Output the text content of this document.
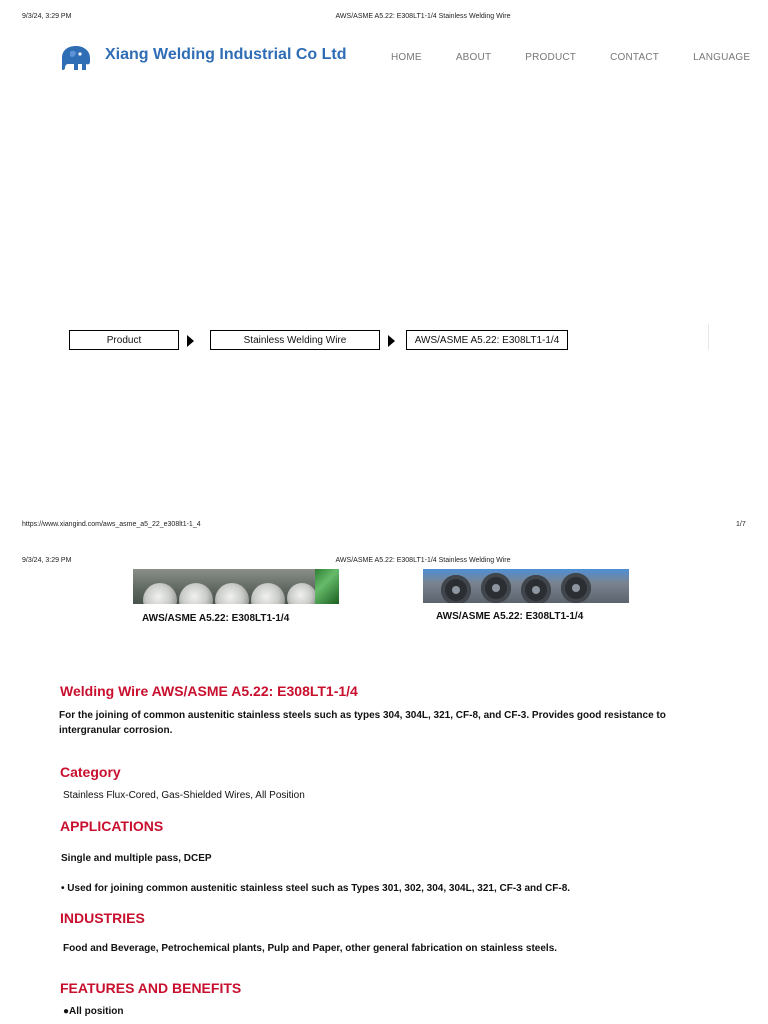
9/3/24, 3:29 PM	AWS/ASME A5.22: E308LT1-1/4 Stainless Welding Wire
Xiang Welding Industrial Co Ltd	HOME	ABOUT	PRODUCT	CONTACT	LANGUAGE
Product	Stainless Welding Wire	AWS/ASME A5.22: E308LT1-1/4
https://www.xiangind.com/aws_asme_a5_22_e308lt1-1_4	1/7
9/3/24, 3:29 PM	AWS/ASME A5.22: E308LT1-1/4 Stainless Welding Wire
AWS/ASME A5.22: E308LT1-1/4	AWS/ASME A5.22: E308LT1-1/4
Welding Wire AWS/ASME A5.22: E308LT1-1/4
For the joining of common austenitic stainless steels such as types 304, 304L, 321, CF-8, and CF-3. Provides good resistance to intergranular corrosion.
Category
Stainless Flux-Cored, Gas-Shielded Wires, All Position
APPLICATIONS
Single and multiple pass, DCEP
• Used for joining common austenitic stainless steel such as Types 301, 302, 304, 304L, 321, CF-3 and CF-8.
INDUSTRIES
Food and Beverage, Petrochemical plants, Pulp and Paper, other general fabrication on stainless steels.
FEATURES AND BENEFITS
●All position
